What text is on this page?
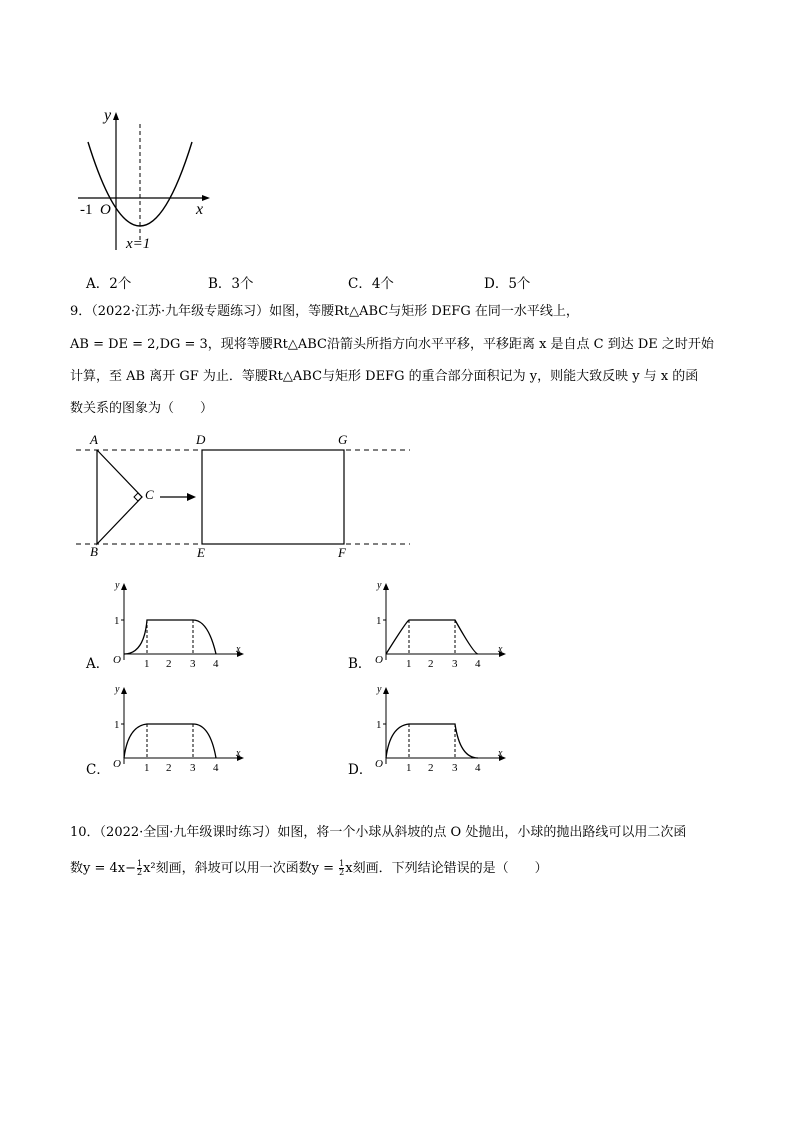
y
x
-1 O
x=1
A．2个	B．3个	C．4个	D．5个
9．（2022·江苏·九年级专题练习）如图，等腰Rt△ABC与矩形 DEFG 在同一水平线上，
AB = DE = 2,DG = 3，现将等腰Rt△ABC沿箭头所指方向水平平移，平移距离 x 是自点 C 到达 DE 之时开始
计算，至 AB 离开 GF 为止．等腰Rt△ABC与矩形 DEFG 的重合部分面积记为 y，则能大致反映 y 与 x 的函
数关系的图象为（　　）
A
B
C
D
E	F
G
A．
y
x
O
1
1 2 3 4	B．
y
x
O
1
1 2 3 4
C．
y
x
O
1
1 2 3 4	D．
y
x
O
1
1 2 3 4
10．（2022·全国·九年级课时练习）如图，将一个小球从斜坡的点 O 处抛出，小球的抛出路线可以用二次函
数$y = 4x- \frac{1}{2} x^2$刻画，斜坡可以用一次函数$y = \frac{1}{2}$ x刻画．下列结论错误的是（　　）
